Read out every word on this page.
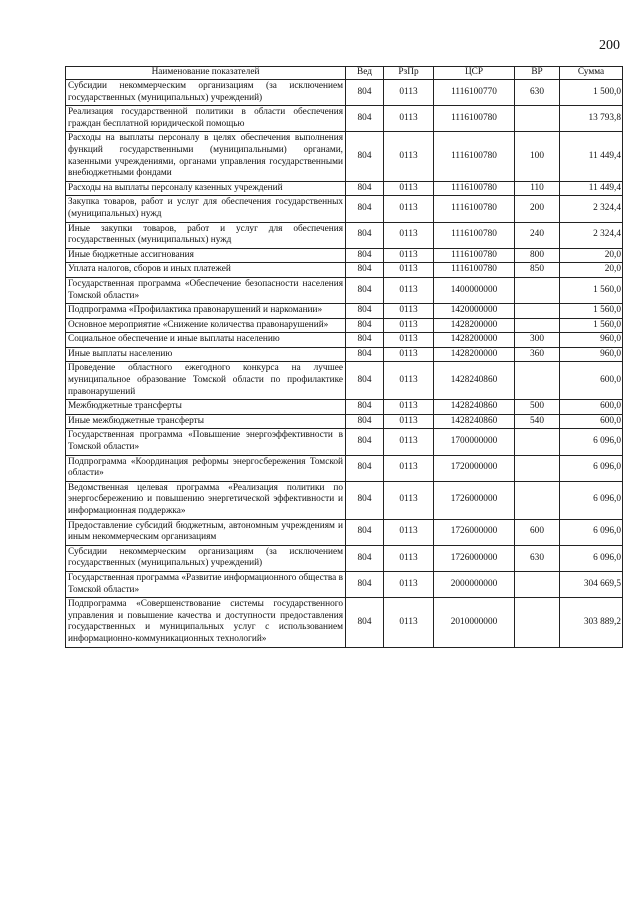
200
Наименование показателей	Вед	РзПр	ЦСР	ВР	Сумма
Субсидии некоммерческим организациям (за исключением государственных (муниципальных) учреждений)	804	0113	1116100770	630	1 500,0
Реализация государственной политики в области обеспечения граждан бесплатной юридической помощью	804	0113	1116100780		13 793,8
Расходы на выплаты персоналу в целях обеспечения выполнения функций государственными (муниципальными) органами, казенными учреждениями, органами управления государственными внебюджетными фондами	804	0113	1116100780	100	11 449,4
Расходы на выплаты персоналу казенных учреждений	804	0113	1116100780	110	11 449,4
Закупка товаров, работ и услуг для обеспечения государственных (муниципальных) нужд	804	0113	1116100780	200	2 324,4
Иные закупки товаров, работ и услуг для обеспечения государственных (муниципальных) нужд	804	0113	1116100780	240	2 324,4
Иные бюджетные ассигнования	804	0113	1116100780	800	20,0
Уплата налогов, сборов и иных платежей	804	0113	1116100780	850	20,0
Государственная программа «Обеспечение безопасности населения Томской области»	804	0113	1400000000		1 560,0
Подпрограмма «Профилактика правонарушений и наркомании»	804	0113	1420000000		1 560,0
Основное мероприятие «Снижение количества правонарушений»	804	0113	1428200000		1 560,0
Социальное обеспечение и иные выплаты населению	804	0113	1428200000	300	960,0
Иные выплаты населению	804	0113	1428200000	360	960,0
Проведение областного ежегодного конкурса на лучшее муниципальное образование Томской области по профилактике правонарушений	804	0113	1428240860		600,0
Межбюджетные трансферты	804	0113	1428240860	500	600,0
Иные межбюджетные трансферты	804	0113	1428240860	540	600,0
Государственная программа «Повышение энергоэффективности в Томской области»	804	0113	1700000000		6 096,0
Подпрограмма «Координация реформы энергосбережения Томской области»	804	0113	1720000000		6 096,0
Ведомственная целевая программа «Реализация политики по энергосбережению и повышению энергетической эффективности и информационная поддержка»	804	0113	1726000000		6 096,0
Предоставление субсидий бюджетным, автономным учреждениям и иным некоммерческим организациям	804	0113	1726000000	600	6 096,0
Субсидии некоммерческим организациям (за исключением государственных (муниципальных) учреждений)	804	0113	1726000000	630	6 096,0
Государственная программа «Развитие информационного общества в Томской области»	804	0113	2000000000		304 669,5
Подпрограмма «Совершенствование системы государственного управления и повышение качества и доступности предоставления государственных и муниципальных услуг с использованием информационно-коммуникационных технологий»	804	0113	2010000000		303 889,2
